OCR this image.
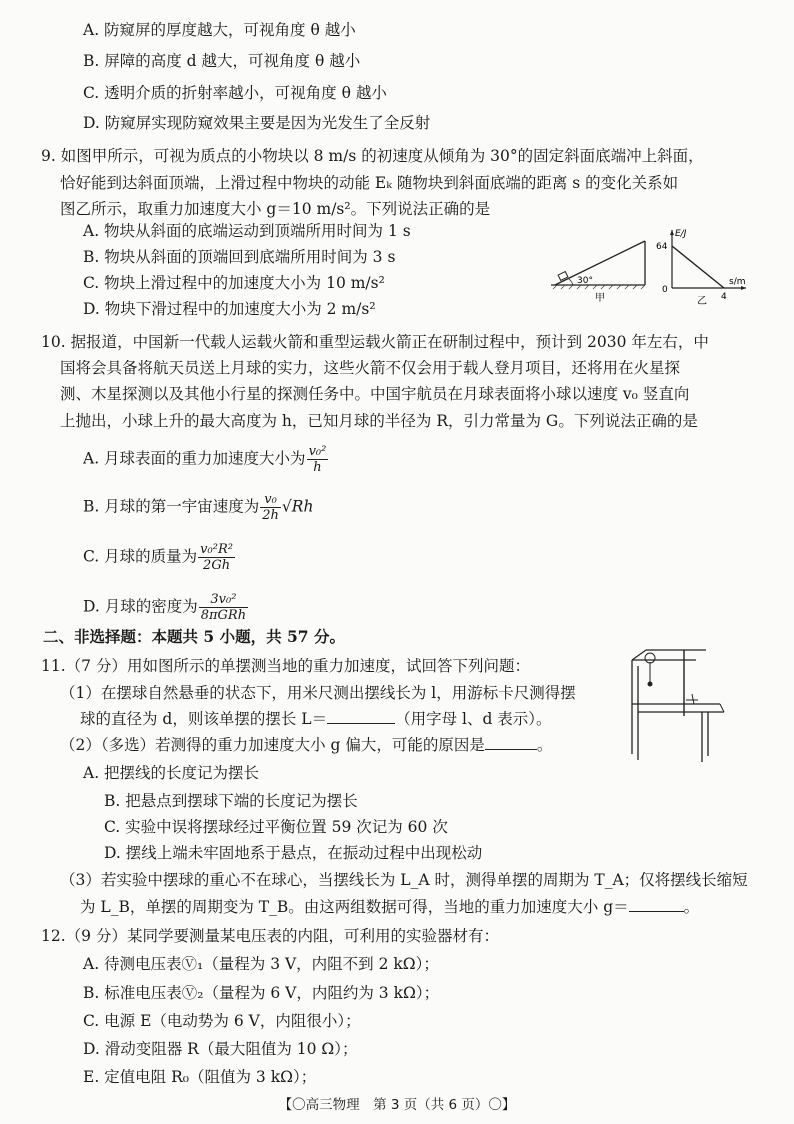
A. 防窥屏的厚度越大，可视角度 θ 越小
B. 屏障的高度 d 越大，可视角度 θ 越小
C. 透明介质的折射率越小，可视角度 θ 越小
D. 防窥屏实现防窥效果主要是因为光发生了全反射
9. 如图甲所示，可视为质点的小物块以 8 m/s 的初速度从倾角为 30°的固定斜面底端冲上斜面，
恰好能到达斜面顶端，上滑过程中物块的动能 Eₖ 随物块到斜面底端的距离 s 的变化关系如
图乙所示，取重力加速度大小 g＝10 m/s²。下列说法正确的是
A. 物块从斜面的底端运动到顶端所用时间为 1 s
B. 物块从斜面的顶端回到底端所用时间为 3 s
C. 物块上滑过程中的加速度大小为 10 m/s²
D. 物块下滑过程中的加速度大小为 2 m/s²
30°
甲
E/J
s/m
64
4
0
乙
10. 据报道，中国新一代载人运载火箭和重型运载火箭正在研制过程中，预计到 2030 年左右，中
国将会具备将航天员送上月球的实力，这些火箭不仅会用于载人登月项目，还将用在火星探
测、木星探测以及其他小行星的探测任务中。中国宇航员在月球表面将小球以速度 v₀ 竖直向
上抛出，小球上升的最大高度为 h，已知月球的半径为 R，引力常量为 G。下列说法正确的是
A. 月球表面的重力加速度大小为 $\frac{\text{v₀²}}{h}$
B. 月球的第一宇宙速度为 $\frac{\text{v₀}}{2h} √Rh$
C. 月球的质量为 $\frac{\text{v₀²R²}}{2Gh}$
D. 月球的密度为 $\frac{\text{3v₀²}}{\text{8πGRh}}$
二、非选择题：本题共 5 小题，共 57 分。
11.（7 分）用如图所示的单摆测当地的重力加速度，试回答下列问题：
（1）在摆球自然悬垂的状态下，用米尺测出摆线长为 l，用游标卡尺测得摆
球的直径为 d，则该单摆的摆长 L＝	（用字母 l、d 表示）。
（2）（多选）若测得的重力加速度大小 g 偏大，可能的原因是	。
A. 把摆线的长度记为摆长
B. 把悬点到摆球下端的长度记为摆长
C. 实验中误将摆球经过平衡位置 59 次记为 60 次
D. 摆线上端未牢固地系于悬点，在振动过程中出现松动
（3）若实验中摆球的重心不在球心，当摆线长为 L_A 时，测得单摆的周期为 T_A；仅将摆线长缩短
为 L_B，单摆的周期变为 T_B。由这两组数据可得，当地的重力加速度大小 g＝	。
12.（9 分）某同学要测量某电压表的内阻，可利用的实验器材有：
A. 待测电压表Ⓥ₁（量程为 3 V，内阻不到 2 kΩ）；
B. 标准电压表Ⓥ₂（量程为 6 V，内阻约为 3 kΩ）；
C. 电源 E（电动势为 6 V，内阻很小）；
D. 滑动变阻器 R（最大阻值为 10 Ω）；
E. 定值电阻 R₀（阻值为 3 kΩ）；
【〇高三物理　第 3 页（共 6 页）〇】
